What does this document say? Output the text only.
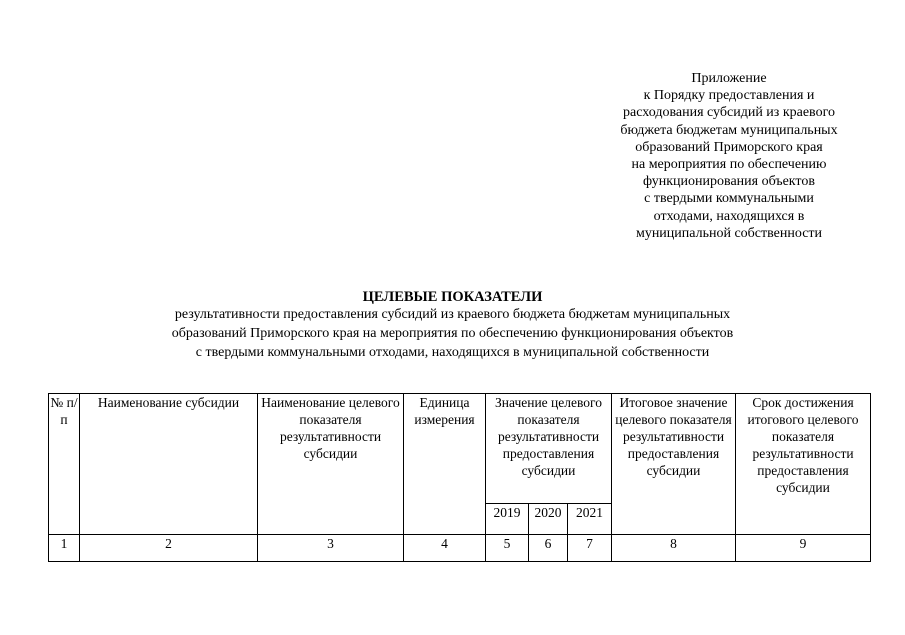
Приложение
к Порядку предоставления и
расходования субсидий из краевого
бюджета бюджетам муниципальных
образований Приморского края
на мероприятия по обеспечению
функционирования объектов
с твердыми коммунальными
отходами, находящихся в
муниципальной собственности
ЦЕЛЕВЫЕ ПОКАЗАТЕЛИ
результативности предоставления субсидий из краевого бюджета бюджетам муниципальных
образований Приморского края на мероприятия по обеспечению функционирования объектов
с твердыми коммунальными отходами, находящихся в муниципальной собственности
№ п/п	Наименование субсидии	Наименование целевого показателя результативности субсидии	Единица измерения	Значение целевого показателя результативности предоставления субсидии			Итоговое значение целевого показателя результативности предоставления субсидии	Срок достижения итогового целевого показателя результативности предоставления субсидии
				2019	2020	2021		
1	2	3	4	5	6	7	8	9
